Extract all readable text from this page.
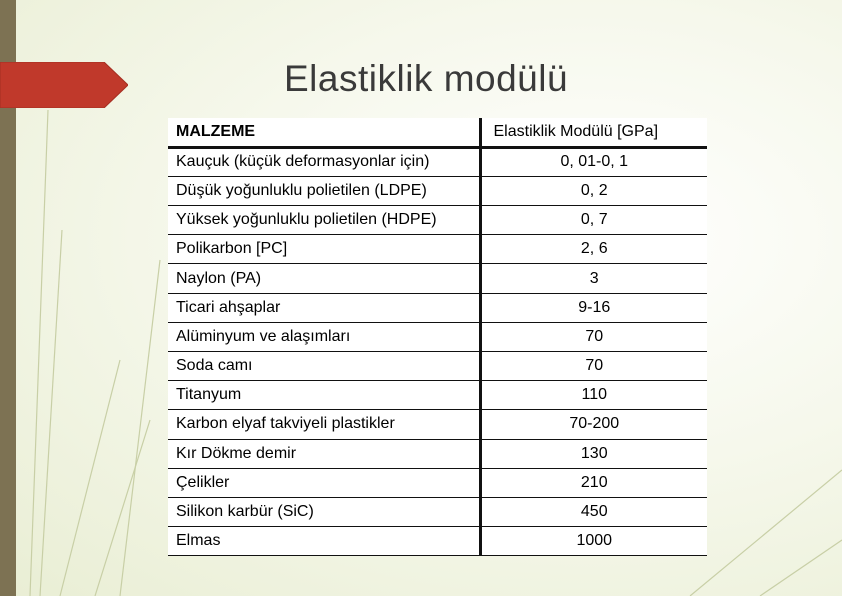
Elastiklik modülü
MALZEME	Elastiklik Modülü [GPa]
Kauçuk (küçük deformasyonlar için)	0, 01-0, 1
Düşük yoğunluklu polietilen (LDPE)	0, 2
Yüksek yoğunluklu polietilen (HDPE)	0, 7
Polikarbon [PC]	2, 6
Naylon (PA)	3
Ticari ahşaplar	9-16
Alüminyum ve alaşımları	70
Soda camı	70
Titanyum	110
Karbon elyaf takviyeli plastikler	70-200
Kır Dökme demir	130
Çelikler	210
Silikon karbür (SiC)	450
Elmas	1000
